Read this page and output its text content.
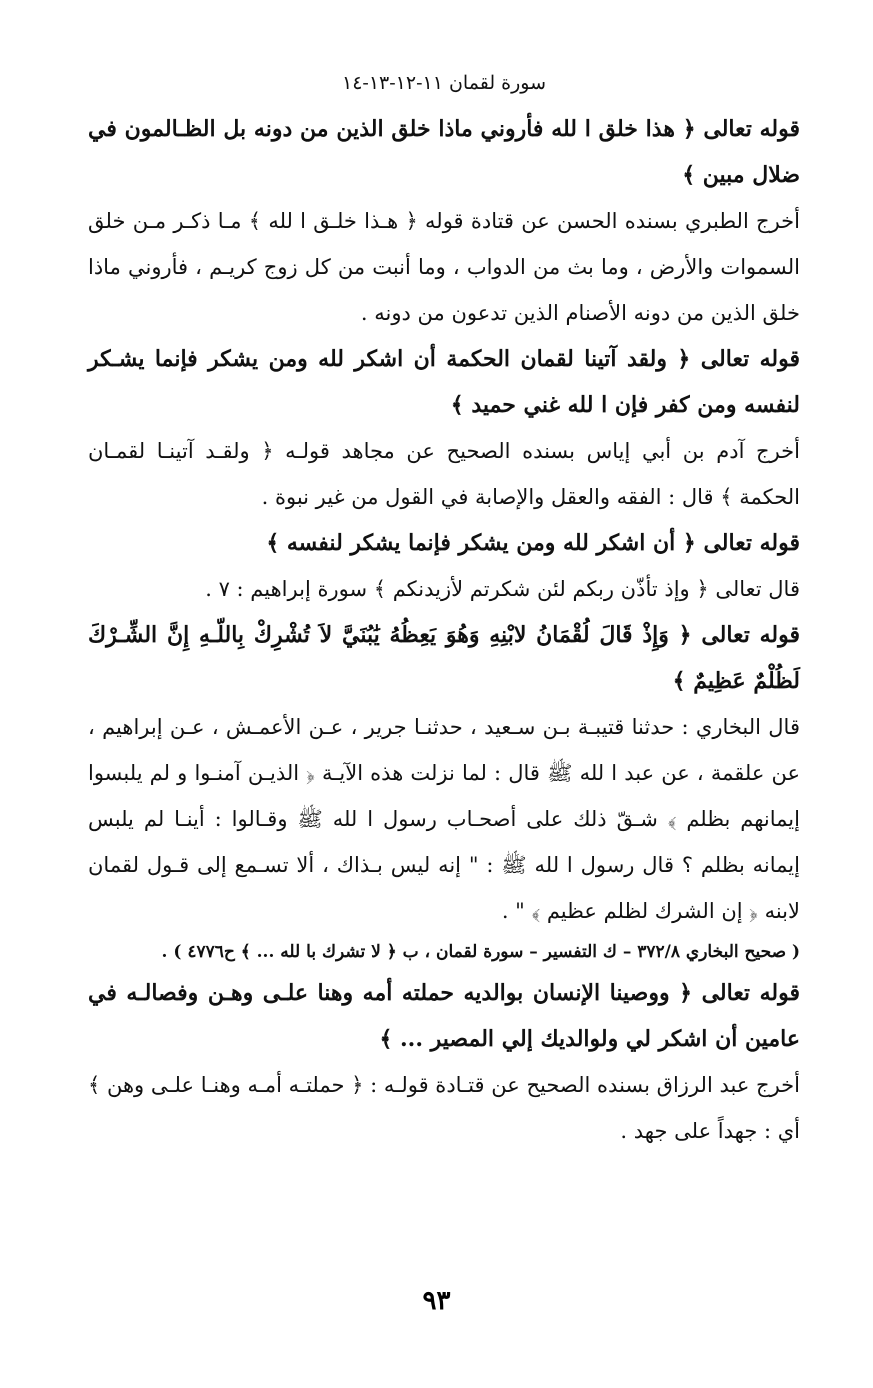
سورة لقمان ١١-١٢-١٣-١٤

قوله تعالى ﴿ هذا خلق ا لله فأروني ماذا خلق الذين من دونه بل الظـالمون في ضلال مبين ﴾

أخرج الطبري بسنده الحسن عن قتادة قوله ﴿ هـذا خلـق ا لله ﴾ مـا ذكـر مـن خلق السموات والأرض ، وما بث من الدواب ، وما أنبت من كل زوج كريـم ، فأروني ماذا خلق الذين من دونه الأصنام الذين تدعون من دونه .

قوله تعالى ﴿ ولقد آتينا لقمان الحكمة أن اشكر لله ومن يشكر فإنما يشـكر لنفسه ومن كفر فإن ا لله غني حميد ﴾

أخرج آدم بن أبي إياس بسنده الصحيح عن مجاهد قولـه ﴿ ولقـد آتينـا لقمـان الحكمة ﴾ قال : الفقه والعقل والإصابة في القول من غير نبوة .

قوله تعالى ﴿ أن اشكر لله ومن يشكر فإنما يشكر لنفسه ﴾

قال تعالى ﴿ وإذ تأذّن ربكم لئن شكرتم لأزيدنكم ﴾ سورة إبراهيم : ٧ .

قوله تعالى ﴿ وَإِذْ قَالَ لُقْمَانُ لابْنِهِ وَهُوَ يَعِظُهُ يَٰبُنَيَّ لاَ تُشْرِكْ بِاللّـهِ إِنَّ الشِّـرْكَ لَظُلْمٌ عَظِيمٌ ﴾

قال البخاري : حدثنا قتيبـة بـن سـعيد ، حدثنـا جرير ، عـن الأعمـش ، عـن إبراهيم ، عن علقمة ، عن عبد ا لله ﷺ قال : لما نزلت هذه الآيـة ﴿ الذيـن آمنـوا و لم يلبسوا إيمانهم بظلم ﴾ شـقّ ذلك على أصحـاب رسول ا لله ﷺ وقـالوا : أينـا لم يلبس إيمانه بظلم ؟ قال رسول ا لله ﷺ : " إنه ليس بـذاك ، ألا تسـمع إلى قـول لقمان لابنه ﴿ إن الشرك لظلم عظيم ﴾ " .

( صحيح البخاري ٣٧٢/٨ – ك التفسير – سورة لقمان ، ب ﴿ لا تشرك با لله ... ﴾ ح٤٧٧٦ ) .

قوله تعالى ﴿ ووصينا الإنسان بوالديه حملته أمه وهنا علـى وهـن وفصالـه في عامين أن اشكر لي ولوالديك إلي المصير ... ﴾

أخرج عبد الرزاق بسنده الصحيح عن قتـادة قولـه : ﴿ حملتـه أمـه وهنـا علـى وهن ﴾ أي : جهداً على جهد .

٩٣
